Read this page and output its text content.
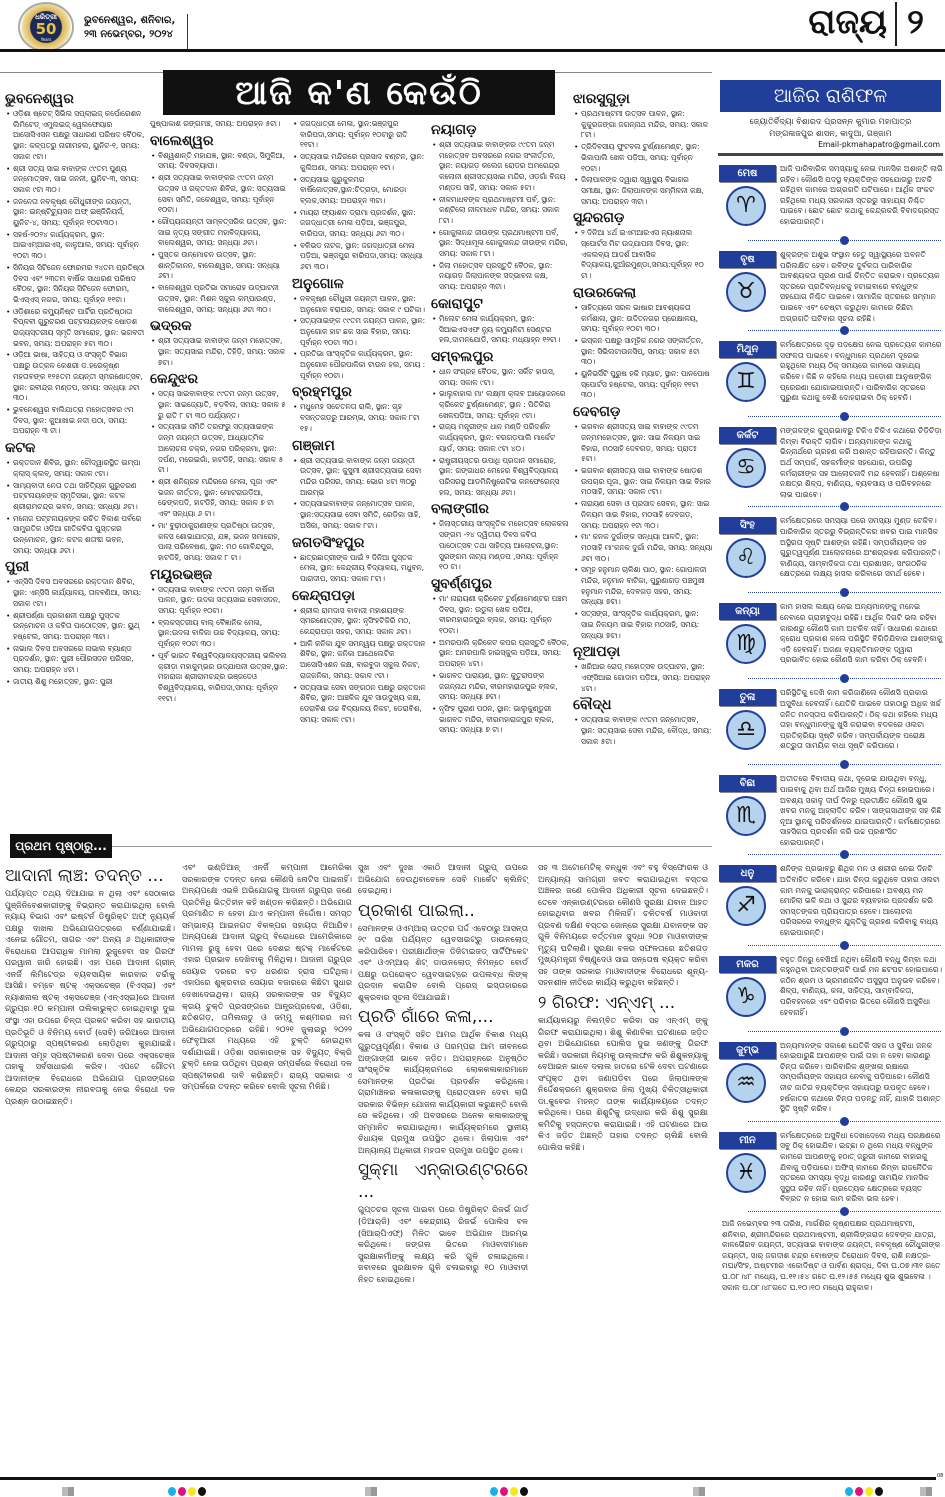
ଧରିତ୍ରୀ
50
Years
ଭୁବନେଶ୍ୱର, ଶନିବାର,
୨୩ ନଭେମ୍ବର, ୨୦୨୪	ରାଜ୍ୟ ୨
ଆଜି କ'ଣ କେଉଁଠି
ଭୁବନେଶ୍ୱର
• ଓଡ଼ିଶା ଷ୍ଟେଟ୍ ସିଭିଲ ସପ୍ଲାଇଜ୍ କର୍ପୋରେଶନ ଲିମିଟେଡ୍ ଏମ୍ପ୍ଲଇଜ୍ ୱେଲଫେୟାର ଆସୋସିଏସନ ପକ୍ଷରୁ ସାଧାରଣ ପରିଷଦ ବୈଠକ, ସ୍ଥାନ: କଳ୍ପତରୁ ନାରୀମହଲ, ୟୁନିଟ-୧, ସମୟ: ସକାଳ ୯ଟା।
• ଶ୍ରୀ ସତ୍ୟ ସାଇ ବାବାଙ୍କ ୯୯ତମ ପୁଣ୍ୟ ଜନ୍ମୋତ୍ସବ, ସାଇ ଜନନୀ, ୟୁନିଟ-୩, ସମୟ: ସକାଳ ୯ଟା ୩୦।
• ଜନନେତା ନବକୃଷ୍ଣ ଚୌଧୁରୀଙ୍କ ଜୟନ୍ତୀ, ସ୍ଥାନ: ଇନ୍‌ଷ୍ଟିଚ୍ୟୁସନ ଅଫ୍ ଇଞ୍ଜିନିୟର୍ସ, ୟୁନିଟ-୪, ସମୟ: ପୂର୍ବାହ୍ନ ୧୦ଟା୩୦।
• ସହର୍ଷ-୨୦୨୪ କାର୍ଯ୍ୟକ୍ରମ, ସ୍ଥାନ: ଆଇଏମ୍‌ଆଇଏସ୍, କାଳୁଆଲ, ସମୟ: ପୂର୍ବାହ୍ନ ୧୦ଟା ୩୦।
• ସିନିୟର ସିଟିଜେନ ଫୋରମର ୨୪ତମ ପ୍ରତିଷ୍ଠା ଦିବସ ଏବଂ ୨୩ତମ ବାର୍ଷିକ ସାଧାରଣ ପରିଷଦ ବୈଠକ, ସ୍ଥାନ: ସିନିୟର ସିଟିଜେନ ଫୋରମ, ଭିଏସ୍ଏସ୍ ନଗର, ସମୟ: ପୂର୍ବାହ୍ନ ୧୧ଟା।
• ଓଡ଼ିଶାରେ କମ୍ୟୁନିଷ୍ଟ ପାର୍ଟିର ପ୍ରତିଷ୍ଠାତା ବିପ୍ଳବୀ ଗୁରୁଚରଣ ପଟ୍ଟନାୟକଙ୍କ ଷୋଡ଼ଶ ରାଜ୍ୟସ୍ତରୀୟ ସ୍ମୃତି ସମାରୋହ, ସ୍ଥାନ: ଭଗବତୀ ଭବନ, ସମୟ: ଅପରାହ୍ନ ୫ଟା ୩୦।
• ଓଡ଼ିଆ ଭାଷା, ସାହିତ୍ୟ ଓ ସଂସ୍କୃତି ବିଭାଗ ପକ୍ଷରୁ ଉତ୍କଳ କେଶରୀ ଡ.ହରେକୃଷ୍ଣ ମହତାବଙ୍କ ୧୨୫ତମ ଜୟନ୍ତୀ ସ୍ମରଣୋତ୍ସବ, ସ୍ଥାନ: ରବୀନ୍ଦ୍ର ମଣ୍ଡପ, ସମୟ: ସନ୍ଧ୍ୟା ୬ଟା ୩୦।
• ଭୁବନେଶ୍ୱର ବାଲିଯାତ୍ରା ମହୋତ୍ସବର ୯ମ ଦିବସ, ସ୍ଥାନ: କୁଆଖାଇ ନଦୀ ପଠା, ସମୟ: ଅପରାହ୍ନ ୩ ଟା।
କଟକ
• ରକ୍ତଦାନ ଶିବିର, ସ୍ଥାନ: ଚୌଦ୍ୱାରସ୍ଥିତ ଇମ୍ପା କ୍ଲାସ୍ କ୍ଲବ୍, ସମୟ: ସକାଳ ୯ଟା।
• ସାମ୍ୟବାଦୀ ନେତା ତଥା ସାହିତ୍ୟିକ ଗୁରୁଚରଣ ପଟ୍ଟନାୟକଙ୍କ ସ୍ମୃତିସଭା, ସ୍ଥାନ: କଟକ ଶ୍ରୀରାମଚନ୍ଦ୍ର ଭବନ, ସମୟ: ସନ୍ଧ୍ୟା ୬ଟା।
• ମନୋଜ ପଟ୍ଟନାୟକଙ୍କ ରଚିତ ବିକାଶ ପର୍ବରେ ସାମ୍ପ୍ରତିକ ଓଡ଼ିଆ ଗୀତିକବିତା ପୁସ୍ତକର ଉନ୍ମୋଚନ, ସ୍ଥାନ: କଟକ ଶତାବ୍ଦୀ ଭବନ, ସମୟ: ସନ୍ଧ୍ୟା ୬ଟା।
ପୁରୀ
• ଏନ୍‌ସିସି ଦିବସ ଅବସରରେ ରକ୍ତଦାନ ଶିବିର, ସ୍ଥାନ: ଏନ୍‌ସିସି କାର୍ଯ୍ୟାଳୟ, ତାଳବଣିଆ, ସମୟ: ସକାଳ ୯ଟା।
• ଶ୍ରୀପର୍ଣ୍ଣା ପ୍ରକାଶନୀ ପକ୍ଷରୁ ପୁସ୍ତକ ଉନ୍ମୋଚନ ଓ କବିତା ପାଠୋତ୍ସବ, ସ୍ଥାନ: ୟୁଥ୍ ହଷ୍ଟେଲ, ସମୟ: ଅପରାହ୍ନ ୩ଟା।
• ନାଭାଲ ଦିବସ ଅବସରରେ ନାଭାଲ ବ୍ୟାଣ୍ଡ ପ୍ରଦର୍ଶନ, ସ୍ଥାନ: ପୁରୀ ପୌରସଦନ ପରିସର, ସମୟ: ଅପରାହ୍ନ ୪ଟା।
• ଜାତୀୟ ଶିଶୁ ମହୋତ୍ସବ, ସ୍ଥାନ: ପୁରୀ
ପୁଷ୍ପାକାଶ ରଙ୍ଗମଞ୍ଚ, ସମୟ: ଅପରାହ୍ନ ୫ଟା।
ବାଲେଶ୍ୱର
• ବିଶ୍ୱଶାନ୍ତି ମହାଯଜ୍ଞ, ସ୍ଥାନ: ବଣ୍ଡା, ସିମୁଳିଆ, ସମୟ: ଦିବସବ୍ୟାପୀ।
• ଶ୍ରୀ ସତ୍ୟସାଇ ବାବାଙ୍କର ୯୯ତମ ଜନ୍ମ ଉତ୍ସବ ଓ ରକ୍ତଦାନ ଶିବିର, ସ୍ଥାନ: ସତ୍ୟସାଇ ସେବା ସମିତି, ଜଳେଶ୍ୱର, ସମୟ: ପୂର୍ବାହ୍ନ ୧୦ଟା।
• ରୌପ୍ୟଜୟନ୍ତୀ ସାମ୍ବତ୍ସରିକ ଉତ୍ସବ, ସ୍ଥାନ: ସାଇ ନୃତ୍ୟ ସଙ୍ଗୀତ ମହାବିଦ୍ୟାଳୟ, ବାଲେଶ୍ୱର, ସମୟ: ସନ୍ଧ୍ୟା ୬ଟା।
• ପୁସ୍ତକ ଉନ୍ମୋଚନ ଉତ୍ସବ, ସ୍ଥାନ: ଶାନ୍ତିକାନନ, ବାଲେଶ୍ୱର, ସମୟ: ସନ୍ଧ୍ୟା ୬ଟା।
• ବାଲେଶ୍ୱର ପ୍ରତିଭା ସମାରୋହ ଉଦ୍‌ଘାଟନୀ ଉତ୍ସବ, ସ୍ଥାନ: ମିଶନ ସ୍କୁଲ କମ୍ପାଉଣ୍ଡ, ବାଲେଶ୍ୱର, ସମୟ: ସନ୍ଧ୍ୟା ୬ଟା ୩୦।
ଭଦ୍ରକ
• ଶ୍ରୀ ସତ୍ୟସାଇ ବାବାଙ୍କ ଜନ୍ମ ମହୋତ୍ସବ, ସ୍ଥାନ: ସତ୍ୟସାଇ ମନ୍ଦିର, ତିହିଡ଼ି, ସମୟ: ସକାଳ ୭ଟା।
କେନ୍ଦୁଝର
• ସତ୍ୟ ସାଇବାବାଙ୍କ ୯୯ତମ ଜନ୍ମ ଉତ୍ସବ, ସ୍ଥାନ: ସାଇଜ୍ୟୋତି, ବଡ଼ବିଲ, ସମୟ: ସକାଳ ୫ ରୁ ରାତି ୮ ଟା ୩୦ ପର୍ଯ୍ୟନ୍ତ।
• ସତ୍ୟସାଇ ସମିତି ତରଫରୁ ସତ୍ୟସାଇଙ୍କ ଜନ୍ମ ଜୟନ୍ତୀ ଉତ୍ସବ, ଆଧ୍ୟାତ୍ମିକ ଆଲୋଚନା ଚକ୍ର, ନଗର ପରିକ୍ରମା, ସ୍ଥାନ: ଦର୍ପଣ, ମରେଇଗାଁ, ହାଟଡିହି, ସମୟ: ସକାଳ ୫ ଟା।
• ଶ୍ରୀ ଶନିଗ୍ରହ ମନ୍ଦିରରେ ମେଳା, ପୂଜା ଏବଂ ଭଜନ କୀର୍ତ୍ତନ, ସ୍ଥାନ: ମୋଟରାଉଡ଼ିଆ, ଢେଙ୍କପଦି, ହାଟଡିହି, ସମୟ: ସକାଳ ୭ ଟା ଏବଂ ସନ୍ଧ୍ୟା ୬ ଟା।
• ମା' ବୁଢ଼ୀଠାକୁରାଣୀଙ୍କ ପ୍ରତିଷ୍ଠା ଉତ୍ସବ, କଳସ ଶୋଭାଯାତ୍ରା, ଯଜ୍ଞ, ଭଜନ ସମାରୋହ, ପାଲା ପରିବେଷଣ, ସ୍ଥାନ: ମଠ ଗୋବିନ୍ଦପୁର, ହାଟଡିହି, ସମୟ: ସକାଳ ୮ ଟା।
ମୟୂରଭଞ୍ଜ
• ସତ୍ୟସାଇ ବାବାଙ୍କ ୯୯ତମ ଜନ୍ମ ବାର୍ଷିକୀ ପାଳନ, ସ୍ଥାନ: ଉଦଳା ସତ୍ୟସାଇ ସେବାସଦନ, ସମୟ: ପୂର୍ବାହ୍ନ ୧୦ଟା।
• ବ୍ଲକସ୍ତରୀୟ ବାଲ୍ ବୈଜ୍ଞାନିକ ମେଳା, ସ୍ଥାନ:ଉଦଳା ବାଳିକା ଉଚ୍ଚ ବିଦ୍ୟାଳୟ, ସମୟ: ପୂର୍ବାହ୍ନ ୧୦ଟା ୩୦।
• ପୂର୍ବ ଭାରତ ବିଶ୍ୱବିଦ୍ୟାଳୟସ୍ତରୀୟ ଭଲିବଲ କ୍ରୀଡ଼ା ମହାକୁମ୍ଭର ଉଦ୍‌ଯାପନୀ ଉତ୍ସବ,ସ୍ଥାନ: ମହାରାଜା ଶ୍ରୀରାମଚନ୍ଦ୍ର ଭଞ୍ଜଦେଓ ବିଶ୍ୱବିଦ୍ୟାଳୟ, ବାରିପଦା,ସମୟ: ପୂର୍ବାହ୍ନ ୧୧ଟା।
• ଜଗଦ୍ଧାତ୍ରୀ ମେଳା, ସ୍ଥାନ:ଭଞ୍ଜପୁର ବାରିପଦା,ସମୟ: ପୂର୍ବାହ୍ନ ୧୦ଟାରୁ ରାତି ୧୧ଟା।
• ସତ୍ୟସାଇ ମନ୍ଦିରରେ ପ୍ରସାଦ ବଣ୍ଟନ, ସ୍ଥାନ: କୁଲିଅଣା, ସମୟ: ଅପରାହ୍ନ ୧ଟା।
• ସତ୍ୟସାଇ ଗୁରୁକୁଳମର ବାର୍ଷିକୋତ୍ସବ,ସ୍ଥାନ:ଚିତ୍ରଡ଼ା, ମୋରଡ଼ା ବ୍ଲକ,ସମୟ: ଅପରାହ୍ନ ୩ଟା।
• ମାୟରା ଫ୍ୟାଶନ ଡ୍ରାମା ପ୍ରଦର୍ଶନ, ସ୍ଥାନ: ଜଗଦ୍ଧାତ୍ରୀ ମେଳା ପଡ଼ିଆ, ଭଞ୍ଜପୁର, ବାରିପଦା, ସମୟ: ସନ୍ଧ୍ୟା ୬ଟା ୩୦।
• ବଳିଭଡ ନାଟକ, ସ୍ଥାନ: ଜଗଦ୍ଧାତ୍ରୀ ମେଳା ପଡ଼ିଆ, ଭଞ୍ଜପୁର ବାରିପଦା,ସମୟ: ସନ୍ଧ୍ୟା ୬ଟା ୩୦।
ଅନୁଗୋଳ
• ନବକୃଷ୍ଣ ଚୌଧୁରୀ ଜୟନ୍ତୀ ପାଳନ, ସ୍ଥାନ: ଅନୁଗୋଳ ବରାଘର, ସମୟ: ସକାଳ ୯ ଘଟିକା।
• ସତ୍ୟସାଇଙ୍କ ୯୯ତମ ଜୟନ୍ତୀ ପାଳନ, ସ୍ଥାନ: ଅନୁଗୋଳ ହାଟ ଛକ ସାଇ ବିହାର, ସମୟ: ପୂର୍ବାହ୍ନ ୧୦ଟା ୩୦।
• ପ୍ରତିଭା ସାଂସ୍କୃତିକ କାର୍ଯ୍ୟକ୍ରମ, ସ୍ଥାନ: ଅନୁଗୋଳ ପୌରପାଳିକା ଟାଉନ ହଲ, ସମୟ : ପୂର୍ବାହ୍ନ ୧୦ଟା।
ବ୍ରହ୍ମପୁର
• ମଧୁମେହ ସଚେତନତା ରାଲି, ସ୍ଥାନ: ଗୃହ ବସନ୍ତଗଡ଼ରୁ ଆରମ୍ଭ, ସମୟ: ସକାଳ ୮ଟା ୧୫।
ଗଞ୍ଜାମ
• ଶ୍ରୀ ସତ୍ୟସାଇ ବାବାଙ୍କ ଜନ୍ମ ଜୟନ୍ତୀ ଉତ୍ସବ, ସ୍ଥାନ: କୁସୁମୀ ଶ୍ରୀସତ୍ୟସାଇ ସେବା ମନ୍ଦିର ପରିସର, ସମୟ: ଭୋର ୪ଟା ୩୦ରୁ ଆରମ୍ଭ
• ସତ୍ୟସାଇବାବାଙ୍କ ଜନ୍ମୋତ୍ସବ ପାଳନ, ସ୍ଥାନ:ସତ୍ୟସାଇ ସେବା ସମିତି, ରେଡ଼ିକା ସାହି, ଅସିକା, ସମୟ: ସକାଳ ୮ଟା।
ଜଗତସିଂହପୁର
• ଛାତ୍ରଛାତ୍ରୀଙ୍କ ପାଇଁ ୨ ଦିନିଆ ପୁସ୍ତକ ମେଳା, ସ୍ଥାନ: କେନ୍ଦ୍ରୀୟ ବିଦ୍ୟାଳୟ, ମଧୁବନ, ପାରାଦୀପ, ସମୟ: ସକାଳ ୮ଟା।
କେନ୍ଦ୍ରାପଡ଼ା
• ଶ୍ରୀଲ ରାମଦାସ ବାବାଜୀ ମହାଶୟଙ୍କ ସ୍ମରଣୋତ୍ସବ, ସ୍ଥାନ: ନୃସିଂହଟିକିରି ମଠ, କେନ୍ଦ୍ରାପଡ଼ା ସହର, ସମୟ: ସକାଳ ୬ଟା।
• ଆଳି କନିକା ଯୁବ ସମନ୍ୱୟ ପକ୍ଷରୁ ରକ୍ତଦାନ ଶିବିର, ସ୍ଥାନ: କନିକା ଆଥେଲେଟିକ ଆସୋସିଏଶନ କକ୍ଷ, ବାରବୁଦା ସ୍କୁଲ ନିକଟ, ରାଜକନିକା, ସମୟ: ସକାଳ ୯ଟା।
• ସତ୍ୟସାଇ ସେବା ସଙ୍ଗଠନ ପକ୍ଷରୁ ରକ୍ତଦାନ ଶିବିର, ସ୍ଥାନ: ଆଞ୍ଚଳିକ ଯୁବ ସାଉଦୁଖ୍ୟ କକ୍ଷ, ଡେରାବିଶ ଉଚ୍ଚ ବିଦ୍ୟାଳୟ ନିକଟ, ଡେରାବିଶ, ସମୟ: ସକାଳ ୯ଟା।
ନୟାଗଡ଼
• ଶ୍ରୀ ସତ୍ୟସାଇ ବାବାଙ୍କର ୯୯ତମ ଜନ୍ମ ମହୋତ୍ସବ ଅବସରରେ ନଗର ସଂକୀର୍ତ୍ତନ, ସ୍ଥାନ: ନୟାଗଡ଼ କଲେଜ ରୋଡର ଅମରେନ୍ଦ୍ର କଲୋନୀ ଶ୍ରୀସତ୍ୟସାଇ ମନ୍ଦିର, ଓଡ଼ଗାଁ ବିଜୟ ମଣ୍ଡପ ସାହି, ସମୟ: ସକାଳ ୫ଟା।
• ନୀଳମାଧବଙ୍କ ପ୍ରଥମାଷ୍ଟମୀ ପର୍ବ, ସ୍ଥାନ: କଣ୍ଟିଲୋ ନୀଳମାଧବ ମନ୍ଦିର, ସମୟ: ସକାଳ ୮ଟା।
• ଗୋକୁଳାନନ୍ଦ ଜୀଉଙ୍କ ପ୍ରଥମାଷ୍ଟମୀ ପର୍ବ, ସ୍ଥାନ: ସିଦ୍ଧାମୂଳା ଗୋକୁଳାନନ୍ଦ ଜୀଉଙ୍କ ମନ୍ଦିର, ସମୟ: ସକାଳ ୮ଟା।
• ଜିଲା ମହୋତ୍ସବ ପ୍ରସ୍ତୁତି ବୈଠକ, ସ୍ଥାନ: ନୟାଗଡ଼ ଜିଲାପାଳଙ୍କ ସଦ୍‌ଭାବନା କକ୍ଷ, ସମୟ: ଅପରାହ୍ନ ୩ଟା।
କୋରାପୁଟ
• ମିଲେଟ ମେଳା କାର୍ଯ୍ୟକ୍ରମ, ସ୍ଥାନ: ସିଆଇଏସଏଫ ନ୍ୟୁ କମ୍ୟୁନିଟୀ ସେଣ୍ଟର ହଲ,ଦାମନଯୋଡି, ସମୟ: ମଧ୍ୟାହ୍ନ ୧୨ଟା।
ସମ୍ବଲପୁର
• ଧାନ ସଂଗ୍ରହ ବୈଠକ, ସ୍ଥାନ: ସର୍କିଟ ହାଉସ, ସମୟ: ସକାଳ ୯ଟା।
• ଭାଲୁବାହାଲ ମା' ଲକ୍ଷ୍ମୀ କ୍ଲବ ଆୟୋଜନରେ କ୍ରିକେଟ ଟୁର୍ଣ୍ଣାମେଣ୍ଟ, ସ୍ଥାନ : ପିତିକିରା ଖେଳପଡ଼ିଆ, ସମୟ: ପୂର୍ବାହ୍ନ ୯ଟା।
• ରାଜ୍ୟ ମନ୍ତ୍ରୀଙ୍କ ଧାନ ମଣ୍ଡି ପରିଦର୍ଶନ କାର୍ଯ୍ୟକ୍ରମ, ସ୍ଥାନ: ବରଗଡ଼ପାଲି ମାର୍କେଟ ୟାର୍ଡ, ସମୟ: ସକାଳ ୯ଟା ୪୦।
• ରାଷ୍ଟ୍ରୀୟସ୍ତର ଉପାଧି ପ୍ରଦାନ ସମାରୋହ, ସ୍ଥାନ: ଗଙ୍ଗାଧର ମେହେର ବିଶ୍ୱବିଦ୍ୟାଳୟ ପରିସରସ୍ଥ ଆଡମିନିଷ୍ଟ୍ରେଟିଭ କନଫେରେନ୍ସ ହଲ, ସମୟ: ସନ୍ଧ୍ୟା ୬ଟା।
ବଲାଙ୍ଗୀର
• ଜିଲାସ୍ତରୀୟ ସାଂସ୍କୃତିକ ମହୋତ୍ସବ ଲୋକକଳା ସଙ୍ଗମ -୨୪ ଦ୍ୱିତୀୟ ଦିବସ କବିତା ପାଠୋତ୍ସବ ତଥା ସାହିତ୍ୟ ଆଲୋଚନା,ସ୍ଥାନ: ସୁରଙ୍ଗମ ନାଟ୍ୟ ମଣ୍ଡପ ,ସମୟ: ପୂର୍ବାହ୍ନ ୧୦ ଟା।
ସୁବର୍ଣ୍ଣପୁର
• ମା' ନାରାୟଣୀ କ୍ରିକେଟ ଟୁର୍ଣ୍ଣାମେଣ୍ଟର ପଞ୍ଚମ ଦିବସ, ସ୍ଥାନ: ଉଡୁଲା ଖେଳ ପଡ଼ିଆ, ବୀରମହାରାଜପୁର ବ୍ଲକ, ସମୟ: ପୂର୍ବାହ୍ନ ୧୦ଟା।
• ଅମରପାଲି କ୍ରିକେଟ କପର ପ୍ରସ୍ତୁତି ବୈଠକ, ସ୍ଥାନ: ଅମରପାଲି ହାଇସ୍କୁଲ ପଡ଼ିଆ, ସମୟ: ଅପରାହ୍ନ ୪ଟା।
• ଭାଗବତ ପାରାୟଣ, ସ୍ଥାନ: କୁତୁରାପଙ୍କ ଜଗନ୍ନାଥ ମନ୍ଦିର, ବୀରମହାରାଜପୁର ବ୍ଲକ, ସମୟ: ସନ୍ଧ୍ୟା ୭ଟା।
• ନୃସିଂହ ପୁରାଣ ପଠନ, ସ୍ଥାନ: ଭାଲୁକୁଣ୍ଡୁରୀ ଭାଗବତ ମନ୍ଦିର, ବୀରମହାରାଜପୁର ବ୍ଲକ, ସମୟ: ସନ୍ଧ୍ୟା ୭ ଟା।
ଝାରସୁଗୁଡ଼ା
• ପ୍ରଥମାଷ୍ଟମୀ ଉତ୍ସବ ପାଳନ, ସ୍ଥାନ: କୁକୁରଜଙ୍ଗା ଜଗନ୍ନାଥ ମନ୍ଦିର, ସମୟ: ସକାଳ ୮ଟା।
• ତ୍ରିଦିବସୀୟ ଫୁଟବଲ ଟୁର୍ଣ୍ଣାମେଣ୍ଟ, ସ୍ଥାନ: ଭିକାପାଲି ଖେଳ ପଡ଼ିଆ, ସମୟ: ପୂର୍ବାହ୍ନ ୧୦ଟା।
• ଜିଲାପାଳଙ୍କ ଦ୍ୱାରା ସ୍ୱାସ୍ଥ୍ୟ ବିଭାଗର ସମୀକ୍ଷା, ସ୍ଥାନ: ଜିଲାପାଳଙ୍କ ସମ୍ମିଳନୀ କକ୍ଷ, ସମୟ: ଅପରାହ୍ନ ୩ଟା।
ସୁନ୍ଦରଗଡ଼
• ୨ ଦିନିଆ ୪ର୍ଥ ଇଏମଆରଏସ ନ୍ୟାଶନାଲ ସ୍ପୋର୍ଟସ ମିଟ ଉଦ୍‌ଯାପନୀ ଦିବସ, ସ୍ଥାନ: ଏକଲବ୍ୟ ଆଦର୍ଶ ଆବାସିକ ବିଦ୍ୟାଳୟ,କୁଆଁରମୁଣ୍ଡା,ସମୟ:ପୂର୍ବାହ୍ନ ୧୦ ଟା।
ରାଉରକେଲା
• ସାହିତ୍ୟରେ ସରଳ ଭାଷାର ଆବଶ୍ୟକତା କର୍ମଶାଳା, ସ୍ଥାନ: ଉଦିତନଗର ପ୍ରେକ୍ଷାଳୟ, ସମୟ: ପୂର୍ବାହ୍ନ ୧୦ଟା ୩୦।
• ଇସ୍କନ ପକ୍ଷରୁ ସାମୂହିକ ନଗର ସଙ୍କୀର୍ତ୍ତନ, ସ୍ଥାନ: ସିଭିଲଟାଉନସିପ୍, ସମୟ: ସକାଳ ୫ଟା ୩୦।
• ୟୁନିଭର୍ସିଟି ପୁରୁଷ ହକି ମ୍ୟାଚ, ସ୍ଥାନ: ପାନପୋଷ ସ୍ପୋର୍ଟସ ହଷ୍ଟେଲ, ସମୟ: ପୂର୍ବାହ୍ନ ୧୧ଟା ୩୦।
ଦେବଗଡ଼
• ଭଗବାନ ଶ୍ରୀସତ୍ୟ ସାଇ ବାବାଙ୍କ ୯୯ତମ ଜନ୍ମମହୋତ୍ସବ, ସ୍ଥାନ: ସାଇ ନିଳୟମ ସାଇ ବିହାର, ମଠସାହି ଦେବଗଡ଼, ସମୟ: ପ୍ରାତଃ ୫ଟା।
• ଭଗବାନ ଶ୍ରୀସତ୍ୟ ସାଇ ବାବାଙ୍କ ଷୋଡ଼ଶ ଉପଚାର ପୂଜା, ସ୍ଥାନ: ସାଇ ନିଳୟମ ସାଇ ବିହାର ମଠସାହି, ସମୟ: ସକାଳ ୯ଟା।
• ନାରାୟଣ ସେବା ଓ ପ୍ରସାଦ ସେବନ, ସ୍ଥାନ: ସାଇ ନିଳୟମ ସାଇ ବିହାର, ମଠସାହି ଦେବଗଡ଼, ସମୟ: ଅପରାହ୍ନ ୧ଟା ୩୦।
• ମା' କନକ ଦୁର୍ଗାଙ୍କ ସନ୍ଧ୍ୟା ଆଳତି, ସ୍ଥାନ: ମଠସାହି ମା'କନକ ଦୁର୍ଗା ମନ୍ଦିର, ସମୟ: ସନ୍ଧ୍ୟା ୬ଟା ୩୦।
• ସମୂହ ହନୁମାନ ଚାଳିଶା ପାଠ, ସ୍ଥାନ: ଗୋପାଳଜୀ ମନ୍ଦିର, ହନୁମାନ ବାଟିକା, ପୁରୁଣାଗଡ଼ ପଞ୍ଚମୁଖୀ ହନୁମାନ ମନ୍ଦିର, ଦେବଗଡ଼ ସହର, ସମୟ: ସନ୍ଧ୍ୟା ୭ଟା।
• ସତ୍‌ସଙ୍ଗ, ସାଂସ୍କୃତିକ କାର୍ଯ୍ୟକ୍ରମ, ସ୍ଥାନ: ସାଇ ନିଳୟମ ସାଇ ବିହାର ମଠସାହି, ସମୟ: ସନ୍ଧ୍ୟା ୭ଟା।
ନୂଆପଡ଼ା
• ଖରିଆର ରୋଡ୍ ମହୋତ୍ସବ ଉଦ୍‌ଘାଟନ, ସ୍ଥାନ: ଏଫ୍‌ସିଆଇ ଗୋଦାମ ପଡ଼ିଆ, ସମୟ: ଅପରାହ୍ନ ୪ଟା।
ବୌଦ୍ଧ
• ସତ୍ୟସାଇ ବାବାଙ୍କ ୯୯ତମ ଜନ୍ମୋତ୍ସବ, ସ୍ଥାନ: ସତ୍ୟସାଇ ସେବା ମନ୍ଦିର, ବୌଦ୍ଧ, ସମୟ: ସକାଳ ୫ଟା।
ଆଜିର ରାଶିଫଳ
ଜ୍ୟୋତିର୍ବିଦ୍ୟା ବିଶାରଦ ପ୍ରସନ୍ନ କୁମାର ମହାପାତ୍ର
ମଙ୍ଗଳାଜପୁର ଶାସନ, କାଦୁଆ, ଗଞ୍ଜାମ
Email-pkmahapatro@gmail.com
ମେଷ
♈
ଆଜି ପାରିବାରିକ ସମସ୍ୟାକୁ ନେଇ ମାନସିକ ଅଶାନ୍ତି ଲାଗି ରହିବ। କୌଣସି ପଦସ୍ଥ ବ୍ୟକ୍ତିଙ୍କ ସହଯୋଗରୁ ଅଟକି ରହିଥିବା କାମରେ ଅଗ୍ରଗତି ଘଟିପାରେ। ଆର୍ଥିକ ସଂକଟ ରହିଥିଲେ ମଧ୍ୟ ସରକାରୀ ସ୍ତରରୁ ସାହାଯ୍ୟ ନିଶ୍ଚିତ ପାଇବେ। ଛୋଟ ଛୋଟ କଥାକୁ କେନ୍ଦ୍ରକରି ବିବାଦଗ୍ରସ୍ତ ହୋଇପାରନ୍ତି।
ବୃଷ
♉
ଶୁକ୍ରଙ୍କ ଅଶୁଭ ସଂସ୍ଥାନ ହେତୁ ସ୍ୱାସ୍ଥ୍ୟରେ ଅବନତି ପରିଲକ୍ଷିତ ହେବ। ରବିଙ୍କ ଦୁର୍ବଳତା ପାରିବାରିକ ଆବଶ୍ୟକତା ପୂରଣ ପାଇଁ ଚିନ୍ତିତ କରାଇବ। ପ୍ରତ୍ୟେକ ସ୍ତରରେ ପ୍ରତିବନ୍ଧକକୁ ହଟାଇବାରେ ବନ୍ଧୁଙ୍କ ସହଯୋଗ ନିଶ୍ଚିତ ପାଇବେ। ସାମାଜିକ ସ୍ତରରେ ସମ୍ମାନ ପାଇବେ ଏବଂ ଚେଷ୍ଟା କରୁଥିବା କାମରେ କିଛିଟା ଅଗ୍ରଗତି ଘଟିବାର ସୂଚନା ରହିଛି।
ମିଥୁନ
♊
କର୍ମକ୍ଷେତ୍ରରେ ଦୃଢ଼ ପଦକ୍ଷେପ ନେଇ ପ୍ରତ୍ୟେକ କାମରେ ସଫଳତା ପାଇବେ। ବନ୍ଧୁମାନେ ପ୍ରଥମେ ଦୂରେଇ ରହୁଥିଲେ ମଧ୍ୟ ଠିକ୍ ସମୟରେ କାମରେ ସାହାଯ୍ୟ କରିବେ। କିଛି ନ କହିଲେ ମଧ୍ୟ ପଡ଼ୋଶୀ ଆନୁଷଙ୍ଗିକ ପ୍ରେରଣା ଯୋଗାଇପାରନ୍ତି। ପାରିବାରିକ ସ୍ତରରେ ପୁରୁଣା କଥାକୁ ବେଶି ଦୋହରାଇବା ଠିକ୍ ହେବନି।
କର୍କଟ
♋
ମଙ୍ଗଳଙ୍କ କୁପ୍ରଭାବରୁ ଟିକିଏ ଟିକିଏ କଥାରେ ଚିଡ଼ିଚିଡ଼ା କିମ୍ବା ବିରକ୍ତି ଲାଗିବ। ଅନ୍ୟମାନଙ୍କ କଥାକୁ ଭିନ୍ନାର୍ଥରେ ଗ୍ରହଣ କରି ଅଶାନ୍ତ ରହିପାରନ୍ତି। କିନ୍ତୁ ଅର୍ଥ ସମ୍ପର୍କ, ସହକର୍ମୀଙ୍କ ସହଯୋଗ, ଉପରିସ୍ଥ କର୍ମଚାରୀଙ୍କ ସହ ଆଲୋଚନାଦି ମନ୍ଦ ହେବନାହିଁ। ଅଶ୍ଳେଷା ନକ୍ଷତ୍ର ଶିଳ୍ପ, ବାଣିଜ୍ୟ, ବ୍ୟବସାୟ ଓ ପରିବହନରେ ଲାଭ ପାଇବେ।
ସିଂହ
♌
କର୍ମକ୍ଷେତ୍ରରେ ସମସ୍ୟା ପରେ ସମସ୍ୟା ମୁଣ୍ଡ ଟେକିବ। ପାରିବାରିକ ସ୍ତରରୁ ବିଭ୍ରାନ୍ତିକର ଖବର ପାଇ ମାନସିକ ଅସ୍ଥିରତା ସୃଷ୍ଟି ଆଶଙ୍କା ରହିଛି। ସମ୍ପର୍କୀୟଙ୍କ ସହ ଗୁରୁତ୍ୱପୂର୍ଣ୍ଣ ଆଲୋଚନାରେ ଅଂଶଗ୍ରହଣ କରିପାରନ୍ତି। ବାଣିଜ୍ୟ, ସାମ୍ବାଦିକତା ତଥା ପ୍ରଶାସନ, ସାଂଗଠନିକ କ୍ଷେତ୍ରରେ ଲକ୍ଷ୍ୟ ହାସଲ କରିବାରେ ସମର୍ଥ ହେବେ।
କନ୍ୟା
♍
କାମ ହାସଲ ଲକ୍ଷ୍ୟ ନେଇ ଅନ୍ୟମାନଙ୍କୁ ମନେଇ ନେବାରେ ଗ୍ରାହୀବୁଦ୍ଧ ରହିଛି। ଆର୍ଥିକ ଦିଗଟି ଭଲ ରହିବା କାରଣରୁ କୌଣସି କାମ ଅଟକିବ ନାହିଁ। ସାଧାରଣ କଥାରେ କ୍ରୋଧ ପ୍ରକାଶ କଲେ ପରିସ୍ଥିତି ବିଗିଡ଼ିଯିବାର ଆଶଙ୍କାକୁ ଏଡ଼ି ହେବନାହିଁ। ଅଜଣା ବ୍ୟକ୍ତିମାନଙ୍କ ଦ୍ୱାରା ପ୍ରଭାବିତ ହୋଇ କୌଣସି କାମ କରିବା ଠିକ୍ ହେବନି।
ତୁଳା
♎
ପରିସ୍ଥିତିକୁ ଦେଖି କାମ କରିଜାଣିଲେ କୌଣସି ପ୍ରକାର ଅସୁବିଧା ହେବନାହିଁ। ଯେତିକି ପାଇବେ ତାହାଠାରୁ ଅଧିକ ଖର୍ଚ୍ଚ ଜନିତ ମନସ୍ତାପ କରିପାରନ୍ତି। ଠିକ୍ କଥା କହିଲେ ମଧ୍ୟ ତାହା ବନ୍ଧୁମାନଙ୍କୁ ଖୁସି କରାଇବା ବଦଳରେ ଓଲଟା ପ୍ରତିକ୍ରିୟା ସୃଷ୍ଟି କରିବ। ସମ୍ପର୍କୀୟଙ୍କ ପରୋକ୍ଷ ଶତ୍ରୁତା ସାମୟିକ ବାଧା ସୃଷ୍ଟି କରିପାରେ।
ବିଛା
♏
ଅତୀତରେ ବିବାଦୀୟ କଥା, ଦୂରେଇ ଯାଉଥିବା ବନ୍ଧୁ, ପାଇବାକୁ ଥିବା ଅର୍ଥ ଆଜିର ମୁଖ୍ୟ ଚିନ୍ତା ହୋଇପାରେ। ଅବଶ୍ୟ ସକାଳୁ ଦୀର୍ଘ ଦିନରୁ ପ୍ରତୀକ୍ଷିତ କୌଣସି ଶୁଭ ଖବର ମନକୁ ଆହ୍ଲାଦିତ କରିବ। ସାଙ୍ଗସାଥୀଙ୍କ ସହ କିଛି ନୂଆ ସ୍ଥାନକୁ ପରିଦର୍ଶନରେ ଯାଇପାରନ୍ତି। କର୍ମକ୍ଷେତ୍ରରେ ସାହସିକତା ପ୍ରଦର୍ଶନ କରି ଉଚ୍ଚ ପ୍ରଶଂସିତ ହୋଇପାରନ୍ତି।
ଧନୁ
♐
ଶନିଙ୍କ ପ୍ରଭାବରୁ ଶିଥିଳ ମନ ଓ ଶରୀର ନେଇ ଦିନଟି ଅତିବାହିତ କରିବେ। ଯାହା ଚିନ୍ତା କରୁଥିବେ ତାହାର ଓଲଟା କାମ ମନକୁ ଭାରାକ୍ରାନ୍ତ କରିପାରେ। ଅବଶ୍ୟ ମନ ମୋହିଲା ଭଳି କଥା ଓ ସୁନ୍ଦର ବ୍ୟବହାର ପ୍ରଦର୍ଶନ କରି ସମସ୍ତଙ୍କର ପ୍ରିୟପାତ୍ର ହେବେ। ଆଲୋଚନା ପରିସରରେ ବନ୍ଧୁଙ୍କ ଯୁକ୍ତିକୁ ଗ୍ରହଣ କରିବାକୁ ବାଧ୍ୟ ହୋଇପାରନ୍ତି।
ମକର
♑
ବହୁତ ଦିନରୁ ବେଖିଆଁ ନଥିବା କୌଣସି ବନ୍ଧୁ କିମ୍ବା କଥା କହୁନଥିବା ଅନ୍ତରଙ୍ଗଟି ପାଇଁ ମନ ଛଟପଟ ହୋଇପାରେ। କଠିନ ଶ୍ରମ ଓ ଭ୍ରମଣଜନିତ ଅସୁସ୍ଥତା ଅନୁଭବ କରିବେ। ଶିଳ୍ପ, ବାଣିଜ୍ୟ, କଳା, ସାହିତ୍ୟ, ସାମ୍ବାଦିକତା, ପରିବହନରେ ଏବଂ ପରିବାର ଭିତରେ କୌଣସି ଅସୁବିଧା ହେବନାହିଁ।
କୁମ୍ଭ
♒
ଅନ୍ୟମାନଙ୍କ ସକାଶେ ଯେତିକି ସହଜ ଓ ସୁବିଧା ଜନକ ହୋଇପାରୁଛି ଆପଣଙ୍କ ପାଇଁ ତାହା ନ ହେବା କାରଣରୁ ଚିନ୍ତା କରିବେ। ପାରିବାରିକ ଶୃଙ୍ଖଳା ରକ୍ଷାରେ ସମ୍ପର୍କୀୟଙ୍କ ସହାୟତା ନେବାକୁ ପଡ଼ିପାରେ। କୌଣସି ନୀଚ ଜାତିର ବ୍ୟକ୍ତିଙ୍କ ସହାୟତାରୁ ଉପକୃତ ହେବେ। ହର୍ଷକାତର କଥାରେ ଚିନ୍ତା ପଡ଼ନ୍ତୁ ନାହିଁ, ଯାହାକି ଅଶାନ୍ତ ସ୍ଥିତି ସୃଷ୍ଟି କରିବ।
ମୀନ
♓
କର୍ମକ୍ଷେତ୍ରରେ ଅସୁବିଧା ଦେଖାଦେଲେ ମଧ୍ୟ ପରକ୍ଷଣରେ ସବୁ ଠିକ୍ ହୋଇଯିବ। ଇଚ୍ଛା ନ ଥିଲେ ମଧ୍ୟ ବନ୍ଧୁଙ୍କ କାମରେ ଆପଣଙ୍କୁ ହଠାତ୍ ଜରୁରୀ କାମରେ ବାହାରକୁ ଯିବାକୁ ପଡ଼ିପାରେ। ଅଫିସ୍ କାମରେ କିମ୍ବା ରାଜନୈତିକ ସ୍ତରରେ ସମସ୍ୟା ବୃଦ୍ଧି କାରଣରୁ ସାମୟିକ ମାନସିକ ସୁସ୍ଥତା ରହିବ ନାହିଁ। ପ୍ରତ୍ୟେକ କ୍ଷେତ୍ରରେ ବ୍ୟସ୍ତ ବିବ୍ରତ ନ ହୋଇ କାମ କରିବା ଭଲ ହେବ।
ଆଜି ନଭେମ୍ବର ୨୩ ତାରିଖ, ମାର୍ଗଶିର କୃଷ୍ଣପକ୍ଷର ପ୍ରଥମାଷ୍ଟମୀ, ଶନିବାର, ଶ୍ରୀମନ୍ଦିରରେ ପ୍ରଥମାଷ୍ଟମୀ, ଶ୍ରୀଲିଙ୍ଗରାଜ ଦେବଙ୍କ ଯାତ୍ରା, କାଳଭୈରବ ଜୟନ୍ତୀ, ସତ୍ୟସାଇ ବାବାଙ୍କ ଜୟନ୍ତୀ, ନବକୃଷ୍ଣ ଚୌଧୁରୀଙ୍କ ଜୟନ୍ତୀ, ସାର୍ ଜଗଦୀଶ ଚନ୍ଦ୍ର ବୋଷଙ୍କ ତିରୋଧାନ ଦିବସ, ରାଶି ନକ୍ଷତ୍ର- ମଘା/ସିଂହ, ଅଷ୍ଟମୀର ଏକୋଦିଷ୍ଟ ଓ ପାର୍ବଣ ଶ୍ରାଦ୍ଧ, ଦିବା ଘ.୦୭।୩୧ ଗତେ ଘ.୦୮।୪୮ ମଧ୍ୟେ, ଘ.୧୧।୫୪ ଗତେ ଘ.୧୨।୫୫ ମଧ୍ୟେ ଶୁଭ ଶୁଭବେଳା । ସକାଳ ଘ.୦୮।୪୮ଗତେ ଘ.୧୦।୧୦ ମଧ୍ୟେ ରାହୁକାଳ।
ପ୍ରଥମ ପୃଷ୍ଠାରୁ...
ଆଦାନୀ ଲାଞ୍ଚ: ତଦନ୍ତ ...

ପର୍ଯ୍ୟାପ୍ତ ତଥ୍ୟ ଦିଆଯାଇ ନ ଥିଲା ଏବଂ ସେଠାକାର ପୁଞ୍ଜିନିବେଶକାରୀଙ୍କୁ ବିଭ୍ରାନ୍ତ କରାଯାଇଥିଲା ବୋଲି ନ୍ୟାୟ ବିଭାଗ ଏବଂ ଇଷ୍ଟର୍ନ ଡିଷ୍ଟ୍ରିକ୍ଟ ଅଫ୍ ନ୍ୟୁୟର୍କ ପକ୍ଷରୁ ଦାଖଲ ଅଭିଯୋଗପତ୍ରରେ ବର୍ଣ୍ଣାଯାଇଛି। ଏନେଇ ଗୌତମ, ସାଗର ଏବଂ ଅନ୍ୟ ୬ ଅଧିକାରୀଙ୍କ ବିରୋଧରେ ଆପରାଧିକ ମାମଲା ରୁଜୁହେବା ସହ ଗିରଫ ପରୱାନା ଜାରି ହୋଇଛି। ଏହା ପରେ ଆଦାନୀ ଗ୍ରୀନ୍ ଏନର୍ଜି ଲିମିଟେଡ୍‌ର ବ୍ୟବସାୟିକ କାରବାର ଚର୍ଚ୍ଚାକୁ ଆସିଛି। ବମ୍ବେ ଷ୍ଟକ୍ ଏକ୍ସଚେଞ୍ଜ (ବିଏସ୍‌ଇ) ଏବଂ ନ୍ୟାଶନାଲ ଷ୍ଟକ୍ ଏକ୍ସଚେଞ୍ଜ (ଏନ୍‌ଏସ୍‌ଇ)ରେ ଆଦାନୀ ଗ୍ରୁପ୍‌ର ୧୦ କମ୍ପାନୀ ତାଲିକାଭୁକ୍ତ ହୋଇଥିବାରୁ ଦୁଇ ସଂସ୍ଥା ଏହା ଉପରେ ଚିନ୍ତା ପ୍ରକଟ କରିବା ସହ ଭାରତୀୟ ପ୍ରତିଭୂତି ଓ ବିନିମୟ ବୋର୍ଡ (ସେବି) ଜରିଆରେ ଆଦାନୀ ଗ୍ରୁପ୍‌ଠାରୁ ସ୍ପଷ୍ଟୀକରଣ ଲୋଡ଼ିଥିବା କୁହାଯାଇଛି। ଆଦାନୀ ସମୂହ ସ୍ପଷ୍ଟୀକରଣ ଦେବା ପରେ ଏକ୍ସଚେଞ୍ଜ ତାହାକୁ ସର୍ବସାଧାରଣ କରିବ। ଏପଟେ ଗୌତମ ଆଦାନୀଙ୍କ ବିରୋଧରେ ଅଭିଯୋଗ ପ୍ରସଙ୍ଗରେ କେନ୍ଦ୍ର ସରକାରଙ୍କ ନୀରବତାକୁ ନେଇ ବିରୋଧୀ ଦଳ ପ୍ରଶ୍ନ ଉଠାଇଛନ୍ତି।

ଏବଂ ଇଣ୍ଡିଆନ୍ ଏନର୍ଜି କମ୍ପାନୀ ଆମେରିକା ସରକାରଙ୍କ ତଦନ୍ତ ନେଇ କୌଣସି ନୋଟିସ ପାଇନାହିଁ। ଅନ୍ୟପକ୍ଷେ ଏଭଳି ଅଭିଯୋଗକୁ ଆଦାନୀ ଗ୍ରୁପ୍‌ର ଜଣେ ପ୍ରତିନିଧି ଭିତ୍ତିହୀନ କହି ଖଣ୍ଡନ କରିଛନ୍ତି। ଅଭିଯୋଗ ପ୍ରମାଣିତ ନ ହେବା ଯାଏ କମ୍ପାନୀ ନିର୍ଦ୍ଦୋଷ। ସମସ୍ତ ସମ୍ଭାବ୍ୟ ଆଇନଗତ ବିକଳ୍ପର ସହାୟତା ନିଆଯିବ। ଅନ୍ୟପକ୍ଷେ ଆଦାନୀ ଗ୍ରୁପ୍ ବିରୋଧରେ ଆମେରିକାରେ ମାମଲା ରୁଜୁ ହେବା ପରେ ଦେଶର ଷ୍ଟକ୍ ମାର୍କେଟରେ ଏହାର ପ୍ରଭାବ ଦେଖିବାକୁ ମିଳିଥିଲା। ଆଦାନୀ ଗ୍ରୁପ୍‌ର ସେୟାର ଦରରେ ବଡ଼ ଧରଣର ହ୍ରାସ ଘଟିଥିଲା। ଏହାପରେ ଶୁକ୍ରବାର ସେୟାର ବଜାରରେ କିଛିଟା ସୁଧାର ଦେଖାଦେଇଥିଲା। ରାଜ୍ୟ ସରକାରଙ୍କ ସହ ବିଦ୍ୟୁତ କ୍ରୟ ଚୁକ୍ତି ପ୍ରସଙ୍ଗରେ ଆନ୍ଧ୍ରପ୍ରଦେଶ, ଓଡ଼ିଶା, ଛତିଶଗଡ଼, ତାମିଲନାଡୁ ଓ ଜମ୍ମୁ କଶ୍ମୀରର ନାମ ଅଭିଯୋଗପତ୍ରରେ ରହିଛି। ୨୦୨୧ ଜୁଲାଇରୁ ୨୦୨୨ ଫେବୃଆରୀ ମଧ୍ୟରେ ଏହି ଚୁକ୍ତି ହୋଇଥିବା ଦର୍ଶାଯାଇଛି। ଓଡ଼ିଶା ସରକାରଙ୍କ ସହ ବିଦ୍ୟୁତ୍ ବିକ୍ରି ଚୁକ୍ତି ନେଇ ଉଠିଥିବା ପ୍ରଶ୍ନ ସମ୍ପର୍କରେ ବିରୋଧୀ ଦଳ ସ୍ପଷ୍ଟୀକରଣ ଦାବି କରିଛନ୍ତି। ରାଜ୍ୟ ସରକାର ଏ ସମ୍ପର୍କରେ ତଦନ୍ତ କରିବେ ବୋଲି ସୂଚନା ମିଳିଛି।

ସୁଖ ଏବଂ ଦୁଃଖ ଏକାଠି ଆଦାନୀ ଗ୍ରୁପ୍ ଉପରେ ଅଭିଯୋଗ ଦେଉଥିବାବେଳେ ସେବି ମାର୍କେଟ କ୍ଲିନିଟ୍ ଦେଇଥିଲା।

ପ୍ରକାଶ ପାଇଲା..

ସେମାନଙ୍କ ଓଏମ୍‌ଆର୍ ଉତ୍ତର ପର୍ଦ୍ଦ ଏବେଠାରୁ ଆସନ୍ତା ୨୯ ତାରିଖ ପର୍ଯ୍ୟନ୍ତ ୱେବସାଇଟ୍‌ରୁ ଡାଉନଲୋଡ୍ କରିପାରିବେ। ପରୀକ୍ଷାର୍ଥୀଙ୍କ ଡିଜିଟାଇଜଡ୍ ସାର୍ଟିଫିକେଟ ଏବଂ ଓଏମ୍‌ଆର୍ ଶିଟ୍ ଡାଉନଲୋଡ୍ ନିମନ୍ତେ ବୋର୍ଡ ପକ୍ଷରୁ ଉପରୋକ୍ତ ୱେବସାଇଟ୍‌ରେ ଉପଲବ୍ଧ ଲିଙ୍କ୍ ପ୍ରଦାନ କରାଯିବ ବୋଲି ପ୍ରେସ୍ ଇସ୍ତାହାରରେ ଶୁକ୍ରବାର ସୂଚନା ଦିଆଯାଇଛି।

ପ୍ରତି ଗାଁରେ କଳା,...

କଳା ଓ ସଂସ୍କୃତି ସହିତ ଆମର ଆର୍ଥିକ ବିକାଶ ମଧ୍ୟ ଗୁରୁତ୍ୱପୂର୍ଣ୍ଣ। ବିକାଶ ଓ ପରମ୍ପରା ଆମ ଜୀବନରେ ଅଙ୍ଗାଙ୍ଗୀ ଭାବେ ଜଡ଼ିତ। ଅପରାହ୍ନରେ ଅନୁଷ୍ଠିତ ସାଂସ୍କୃତିକ କାର୍ଯ୍ୟକ୍ରମରେ ଲୋକକଳାକାରମାନେ ସେମାନଙ୍କ ପ୍ରତିଭା ପ୍ରଦର୍ଶନ କରିଥିଲେ। ଗ୍ରାମାଞ୍ଚଳର କଳାକାରଙ୍କୁ ପ୍ରୋତ୍ସାହନ ଦେବା ଲାଗି ସରକାର ବିଭିନ୍ନ ଯୋଜନା କାର୍ଯ୍ୟକାରୀ କରୁଛନ୍ତି ବୋଲି ସେ କହିଥିଲେ। ଏହି ଅବସରରେ ଅନେକ କଳାକାରଙ୍କୁ ସମ୍ମାନିତ କରାଯାଇଥିଲା। କାର୍ଯ୍ୟକ୍ରମରେ ସ୍ଥାନୀୟ ବିଧାୟକ ପ୍ରମୁଖ ଉପସ୍ଥିତ ଥିଲେ। ଜିଲାପାଳ ଏବଂ ଅନ୍ୟାନ୍ୟ ଅଧିକାରୀ ମହତାବ ପ୍ରମୁଖ ଉପସ୍ଥିତ ଥିଲେ।

ସୁକ୍ମା ଏନ୍‌କାଉଣ୍ଟରରେ ...

ଗୁପ୍ତଚର ସୂଚନା ପାଇବା ପରେ ଡିଷ୍ଟ୍ରିକ୍ଟ ରିଜର୍ଭ ଗାର୍ଡ (ଡିଆର୍‌ଜି) ଏବଂ କେନ୍ଦ୍ରୀୟ ରିଜର୍ଭ ପୋଲିସ ବଳ (ସିଆର୍‌ପିଏଫ୍) ମିଳିତ ଭାବେ ଅଭିଯାନ ଆରମ୍ଭ କରିଥିଲେ। ଜଙ୍ଗଲ ଭିତରେ ମାଓବାଦୀମାନେ ସୁରକ୍ଷାକର୍ମୀଙ୍କୁ ଲକ୍ଷ୍ୟ କରି ଗୁଳି ଚଳାଇଥିଲେ। ଜବାବରେ ସୁରକ୍ଷାବଳ ଗୁଳି ଚଳାଇବାରୁ ୧୦ ମାଓବାଦୀ ନିହତ ହୋଇଥିଲେ।

ସହ ୩ ଅଟୋମେଟିକ୍ ବନ୍ଧୁକ ଏବଂ ବହୁ ବିସ୍ଫୋରକ ଓ ଅନ୍ୟାନ୍ୟ ସାମଗ୍ରୀ ଜବତ କରାଯାଇଥିବା ବସ୍ତର ଅଞ୍ଚଳର ଜଣେ ପୋଲିସ ଅଧିକାରୀ ସୂଚନା ଦେଇଛନ୍ତି। ତେବେ ଏନ୍‌କାଉଣ୍ଟରରେ କୌଣସି ସୁରକ୍ଷା ଯବାନ ଆହତ ହୋଇଥିବାର ଖବର ମିଳିନାହିଁ। ଚଳିତବର୍ଷ ମାଓବାଦୀ ପ୍ରବଣ ଦକ୍ଷିଣ ବସ୍ତର ଜୋନ୍‌ରେ ସୁରକ୍ଷା ଯବାନଙ୍କ ସହ ଗୁଳି ବିନିମୟରେ ବର୍ତ୍ତମାନ ସୁଦ୍ଧା ୨୦୭ ମାଓବାଦୀଙ୍କ ମୃତ୍ୟୁ ଘଟିଲାଣି। ସୁରକ୍ଷା ବଳର ସଫଳତାରେ ଛତିଶଗଡ଼ ମୁଖ୍ୟମନ୍ତ୍ରୀ ବିଷ୍ଣୁଦେଓ ସାଇ ସନ୍ତୋଷ ବ୍ୟକ୍ତ କରିବା ସହ ତାଙ୍କ ସରକାର ମାଓବାଦୀଙ୍କ ବିରୋଧରେ ଶୂନ୍ୟ-ସହନଶୀଳ ନୀତିରେ କାର୍ଯ୍ୟ କରୁଥିବା କହିଛନ୍ତି।

୨ ଗିରଫ: ଏନ୍‌ଏମ୍ ...

କାର୍ଯ୍ୟାଳୟରୁ ନିଲମ୍ବିତ କରିବା ସହ ଏନ୍‌ଏମ୍ ଙ୍କୁ ଗିରଫ କରାଯାଇଥିଲା। ଶିଶୁ କିଣାବିକା ଘଟଣାରେ ଜଡ଼ିତ ଥିବା ଅଭିଯୋଗରେ ପୋଲିସ ଦୁଇ ଜଣଙ୍କୁ ଗିରଫ କରିଛି। ସରକାରୀ ନିୟମକୁ ଉଲ୍ଲଙ୍ଘନ କରି ଶିଶୁକନ୍ୟାକୁ ବେଆଇନ ଭାବେ ଦଲାଲ ହାତରେ ଟେକି ଦେବା ଘଟଣାରେ ସଂପୃକ୍ତ ଥିବା ଜଣାପଡ଼ିବା ପରେ ଜିଲାପାଳଙ୍କ ନିର୍ଦ୍ଦେଶକ୍ରମେ ଶୁକ୍ରବାର ଜିଲା ମୁଖ୍ୟ ଚିକିତ୍ସାଧିକାରୀ ଡା.କୁବେର ମହନ୍ତ ତାଙ୍କ କାର୍ଯ୍ୟାଳୟରେ ତଦନ୍ତ କରିଥିଲେ। ପରେ ଶିଶୁଟିକୁ ଉଦ୍ଧାର କରି ଶିଶୁ ସୁରକ୍ଷା କମିଟିକୁ ହସ୍ତାନ୍ତର କରାଯାଇଛି। ଏହି ଘଟଣାରେ ଆଉ କିଏ ଜଡ଼ିତ ଅଛନ୍ତି ତାହାର ତଦନ୍ତ ଚାଲିଛି ବୋଲି ପୋଲିସ କହିଛି।

08
